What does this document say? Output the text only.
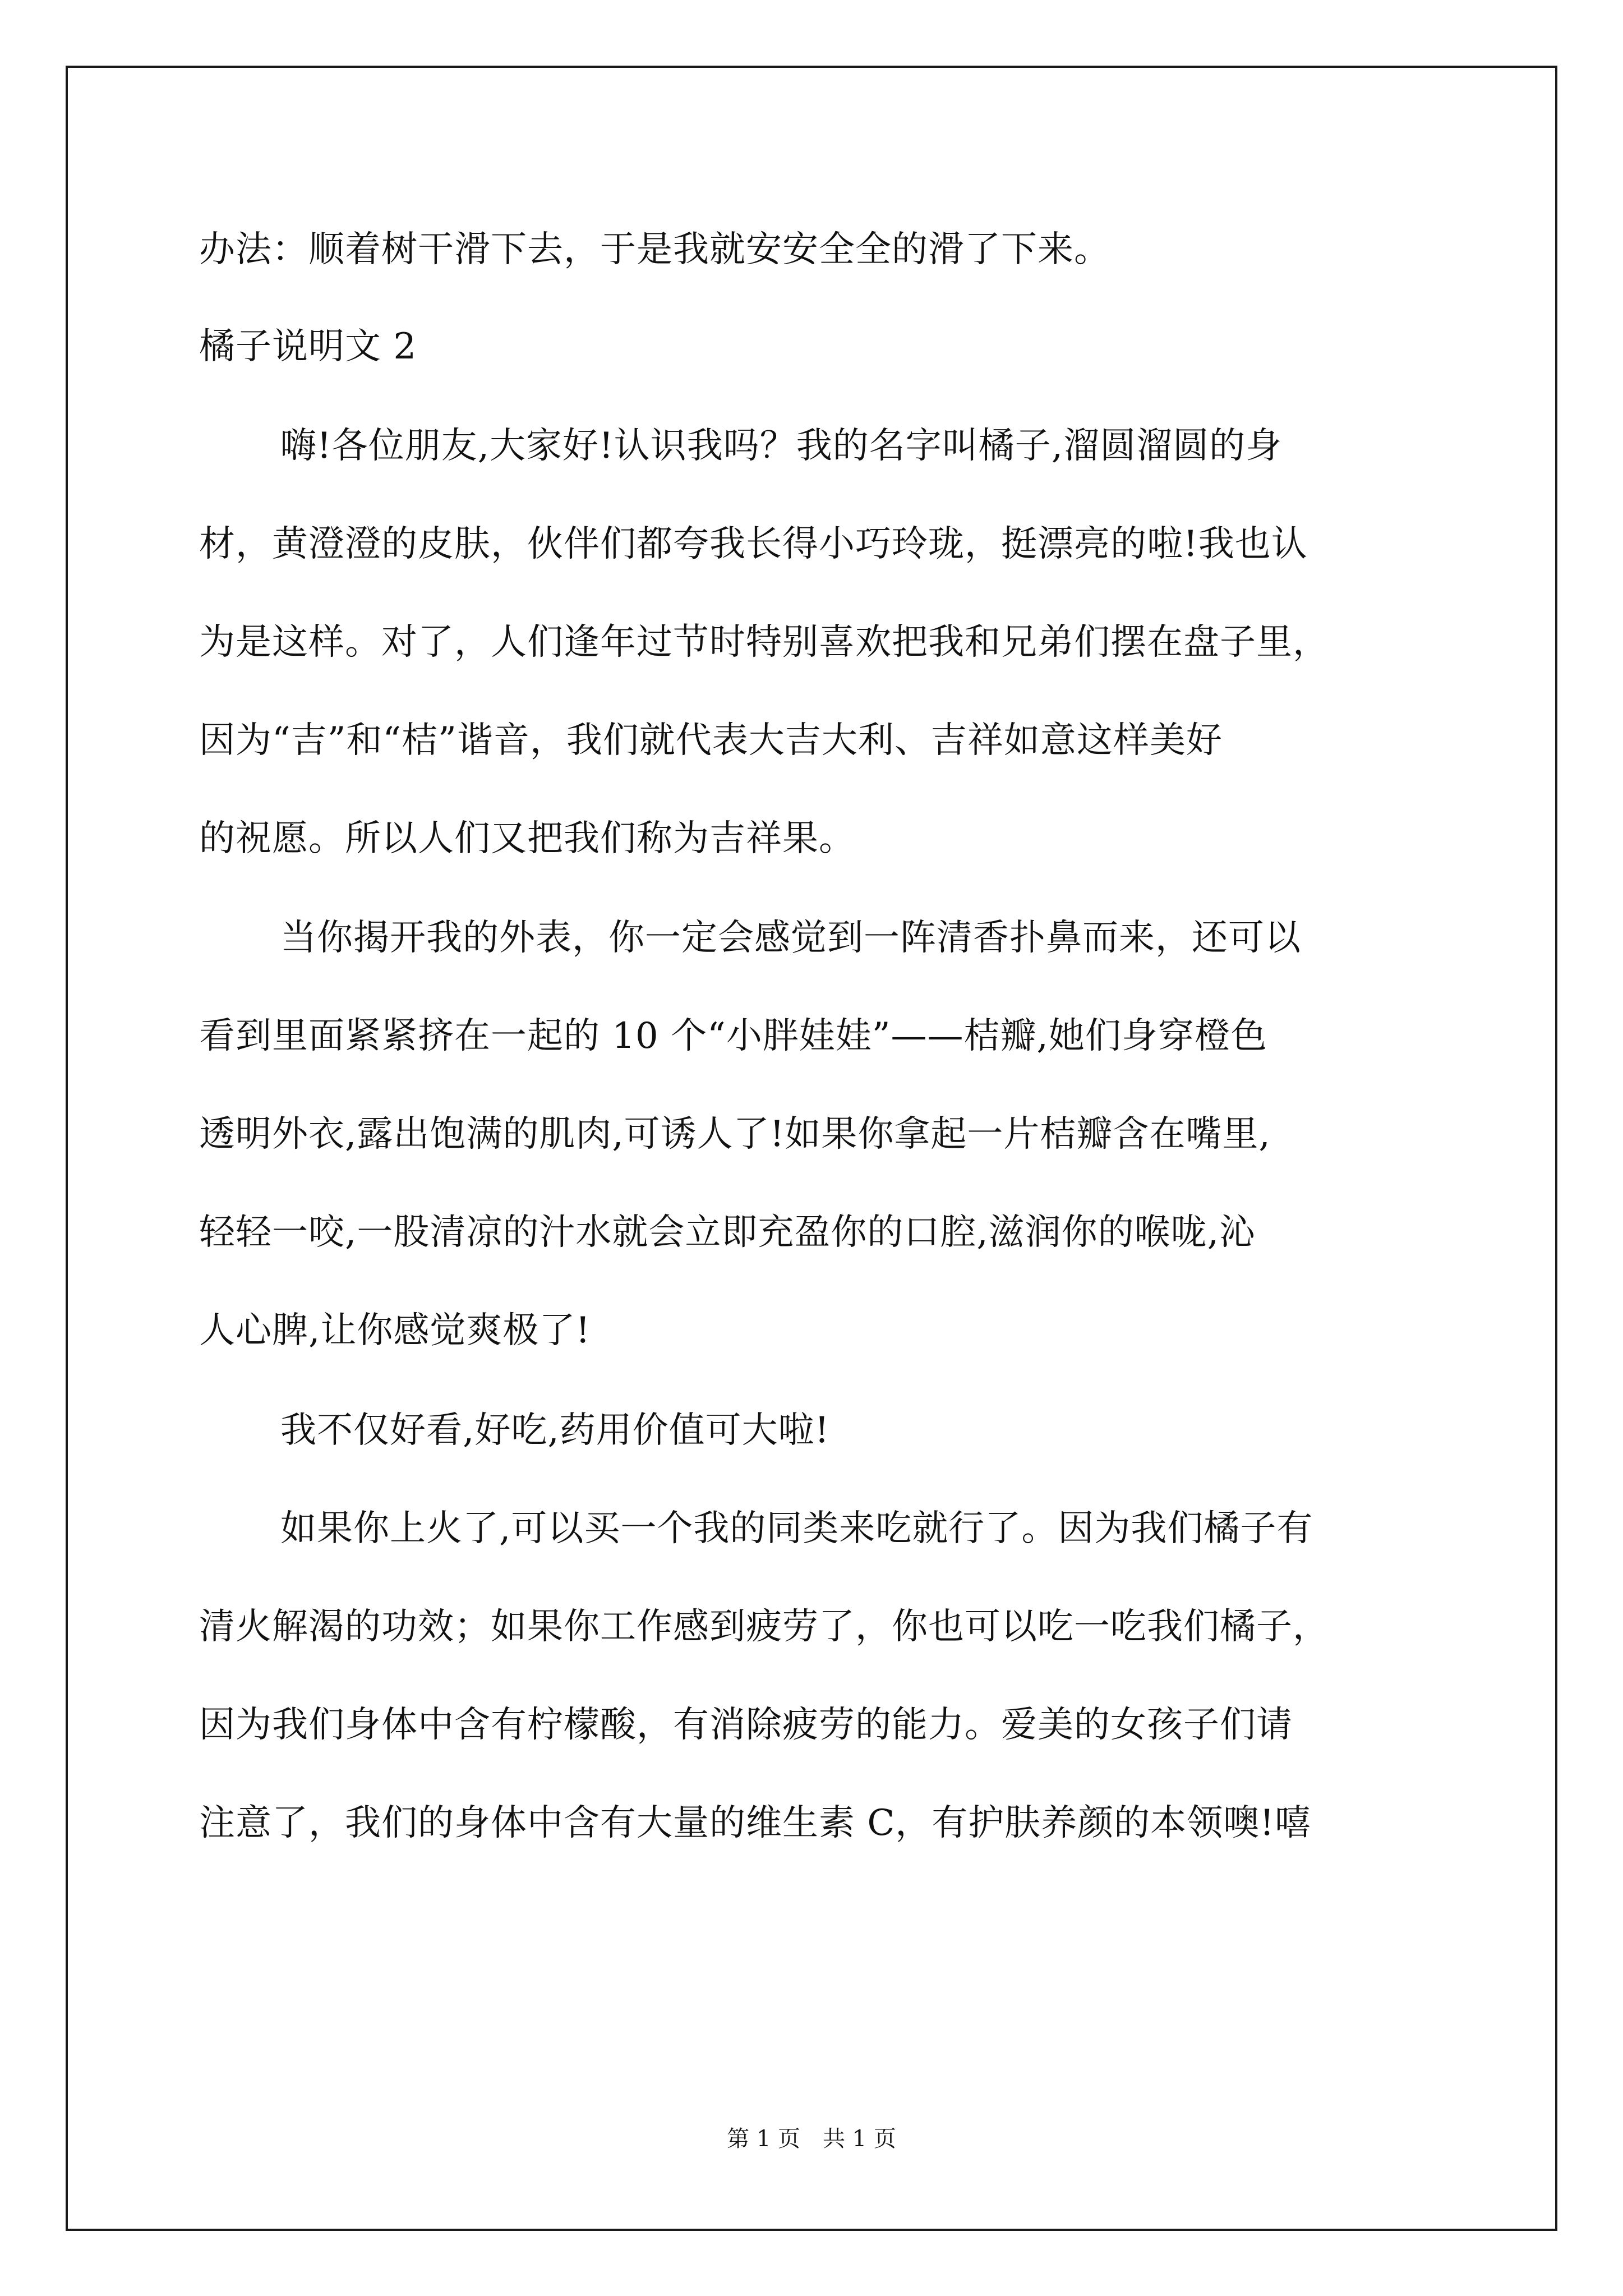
办法：顺着树干滑下去，于是我就安安全全的滑了下来。
橘子说明文 2
嗨!各位朋友,大家好!认识我吗？我的名字叫橘子,溜圆溜圆的身
材，黄澄澄的皮肤，伙伴们都夸我长得小巧玲珑，挺漂亮的啦!我也认
为是这样。对了，人们逢年过节时特别喜欢把我和兄弟们摆在盘子里，
因为“吉”和“桔”谐音，我们就代表大吉大利、吉祥如意这样美好
的祝愿。所以人们又把我们称为吉祥果。
当你揭开我的外表，你一定会感觉到一阵清香扑鼻而来，还可以
看到里面紧紧挤在一起的 10 个“小胖娃娃”——桔瓣,她们身穿橙色
透明外衣,露出饱满的肌肉,可诱人了!如果你拿起一片桔瓣含在嘴里,
轻轻一咬,一股清凉的汁水就会立即充盈你的口腔,滋润你的喉咙,沁
人心脾,让你感觉爽极了!
我不仅好看,好吃,药用价值可大啦!
如果你上火了,可以买一个我的同类来吃就行了。因为我们橘子有
清火解渴的功效；如果你工作感到疲劳了，你也可以吃一吃我们橘子，
因为我们身体中含有柠檬酸，有消除疲劳的能力。爱美的女孩子们请
注意了，我们的身体中含有大量的维生素 C，有护肤养颜的本领噢!嘻
第 1 页　共 1 页
